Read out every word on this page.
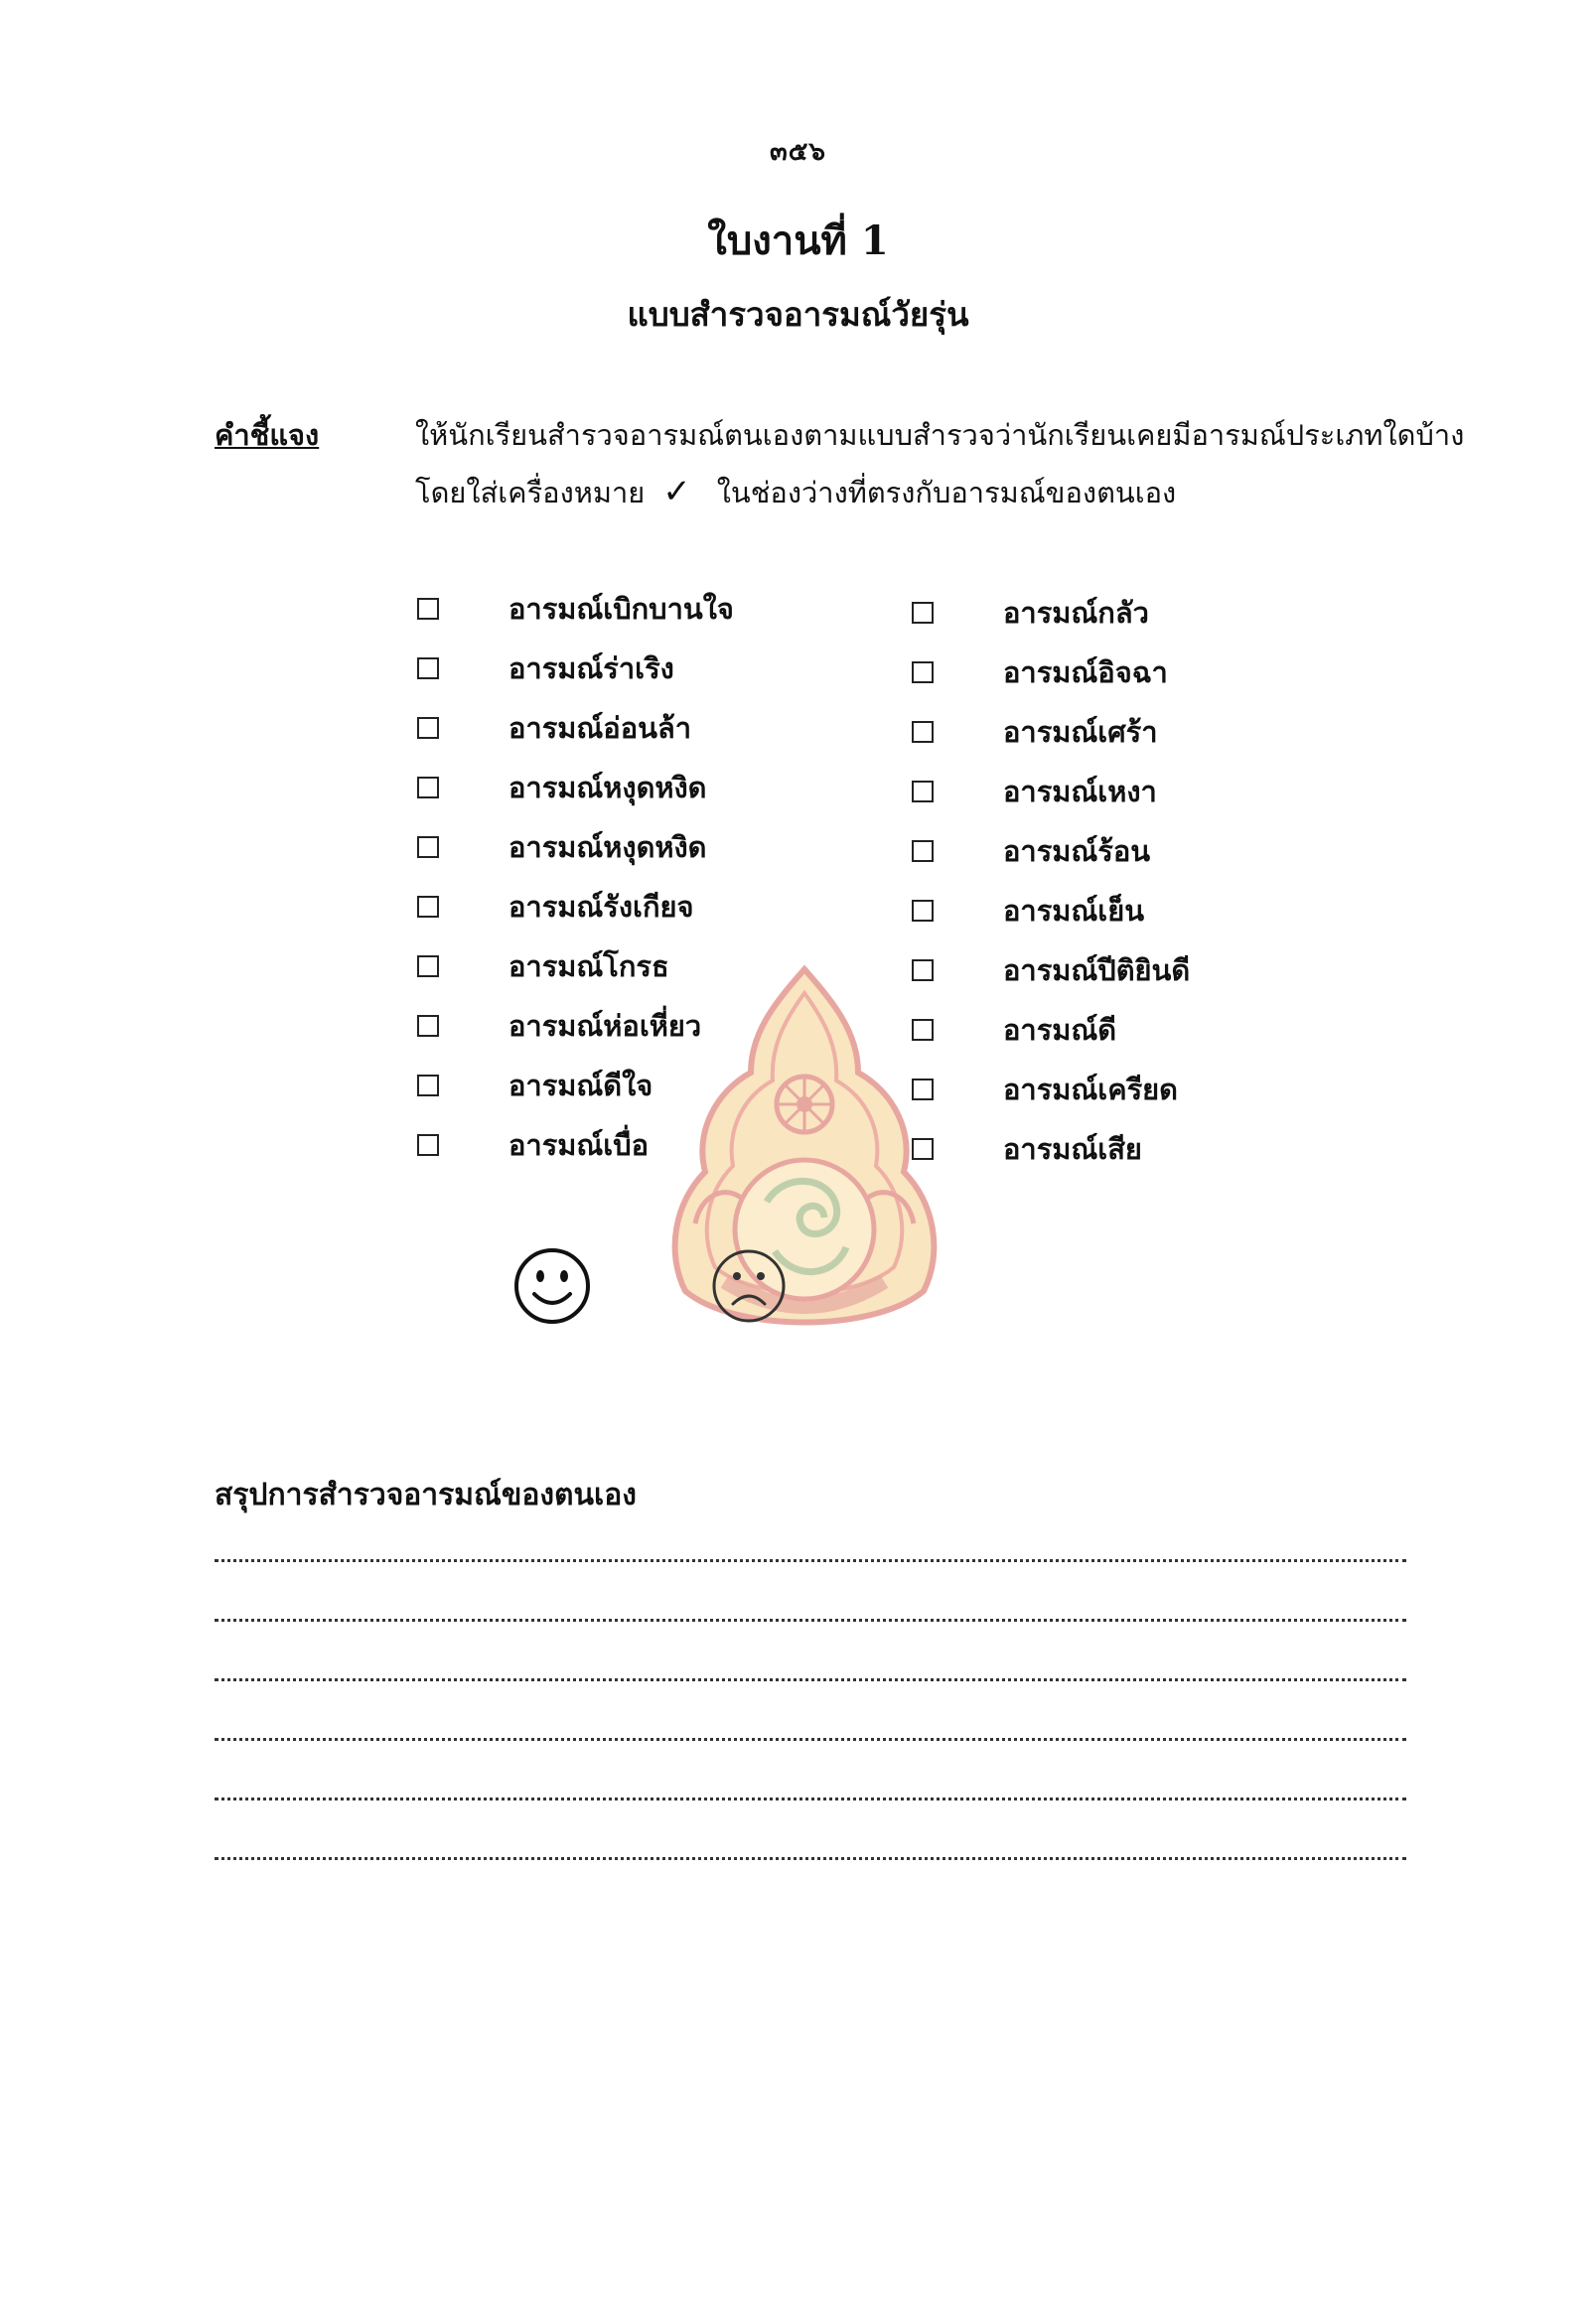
๓๕๖
ใบงานที่ 1
แบบสำรวจอารมณ์วัยรุ่น
คำชี้แจง	ให้นักเรียนสำรวจอารมณ์ตนเองตามแบบสำรวจว่านักเรียนเคยมีอารมณ์ประเภทใดบ้าง
โดยใส่เครื่องหมาย ✓ ในช่องว่างที่ตรงกับอารมณ์ของตนเอง
อารมณ์เบิกบานใจ
อารมณ์ร่าเริง
อารมณ์อ่อนล้า
อารมณ์หงุดหงิด
อารมณ์หงุดหงิด
อารมณ์รังเกียจ
อารมณ์โกรธ
อารมณ์ห่อเหี่ยว
อารมณ์ดีใจ
อารมณ์เบื่อ
อารมณ์กลัว
อารมณ์อิจฉา
อารมณ์เศร้า
อารมณ์เหงา
อารมณ์ร้อน
อารมณ์เย็น
อารมณ์ปีติยินดี
อารมณ์ดี
อารมณ์เครียด
อารมณ์เสีย
สรุปการสำรวจอารมณ์ของตนเอง
